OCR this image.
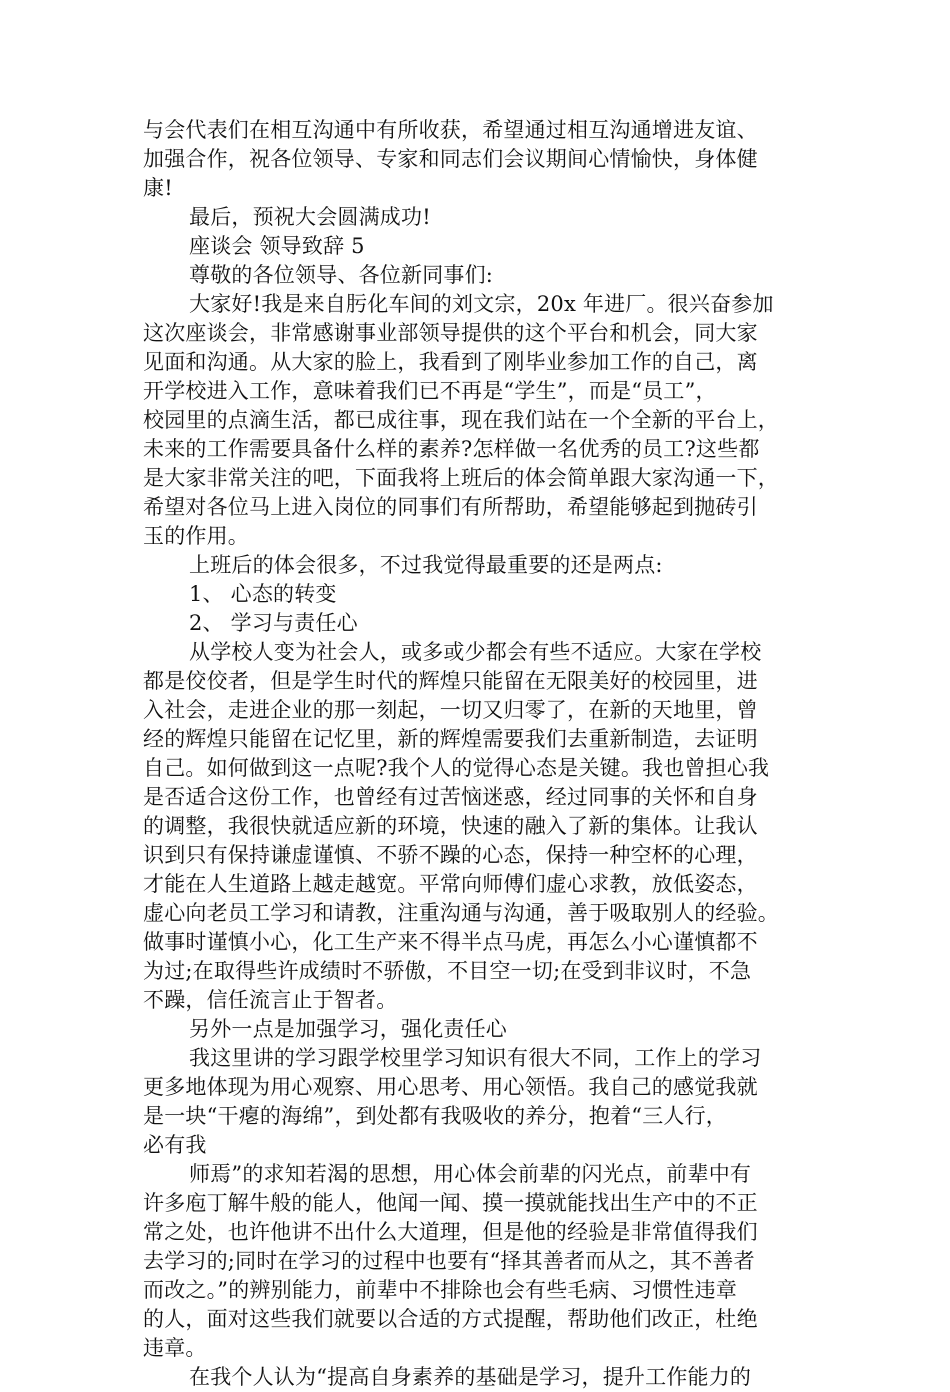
与会代表们在相互沟通中有所收获，希望通过相互沟通增进友谊、
加强合作，祝各位领导、专家和同志们会议期间心情愉快，身体健
康!
最后，预祝大会圆满成功!
座谈会 领导致辞 5
尊敬的各位领导、各位新同事们:
大家好!我是来自肟化车间的刘文宗，20x 年进厂。很兴奋参加
这次座谈会，非常感谢事业部领导提供的这个平台和机会，同大家
见面和沟通。从大家的脸上，我看到了刚毕业参加工作的自己，离
开学校进入工作，意味着我们已不再是“学生”，而是“员工”，
校园里的点滴生活，都已成往事，现在我们站在一个全新的平台上，
未来的工作需要具备什么样的素养?怎样做一名优秀的员工?这些都
是大家非常关注的吧，下面我将上班后的体会简单跟大家沟通一下，
希望对各位马上进入岗位的同事们有所帮助，希望能够起到抛砖引
玉的作用。
上班后的体会很多，不过我觉得最重要的还是两点:
1、 心态的转变
2、 学习与责任心
从学校人变为社会人，或多或少都会有些不适应。大家在学校
都是佼佼者，但是学生时代的辉煌只能留在无限美好的校园里，进
入社会，走进企业的那一刻起，一切又归零了，在新的天地里，曾
经的辉煌只能留在记忆里，新的辉煌需要我们去重新制造，去证明
自己。如何做到这一点呢?我个人的觉得心态是关键。我也曾担心我
是否适合这份工作，也曾经有过苦恼迷惑，经过同事的关怀和自身
的调整，我很快就适应新的环境，快速的融入了新的集体。让我认
识到只有保持谦虚谨慎、不骄不躁的心态，保持一种空杯的心理，
才能在人生道路上越走越宽。平常向师傅们虚心求教，放低姿态，
虚心向老员工学习和请教，注重沟通与沟通，善于吸取别人的经验。
做事时谨慎小心，化工生产来不得半点马虎，再怎么小心谨慎都不
为过;在取得些许成绩时不骄傲，不目空一切;在受到非议时，不急
不躁，信任流言止于智者。
另外一点是加强学习，强化责任心
我这里讲的学习跟学校里学习知识有很大不同，工作上的学习
更多地体现为用心观察、用心思考、用心领悟。我自己的感觉我就
是一块“干瘪的海绵”，到处都有我吸收的养分，抱着“三人行，
必有我
师焉”的求知若渴的思想，用心体会前辈的闪光点，前辈中有
许多庖丁解牛般的能人，他闻一闻、摸一摸就能找出生产中的不正
常之处，也许他讲不出什么大道理，但是他的经验是非常值得我们
去学习的;同时在学习的过程中也要有“择其善者而从之，其不善者
而改之。”的辨别能力，前辈中不排除也会有些毛病、习惯性违章
的人，面对这些我们就要以合适的方式提醒，帮助他们改正，杜绝
违章。
在我个人认为“提高自身素养的基础是学习，提升工作能力的
